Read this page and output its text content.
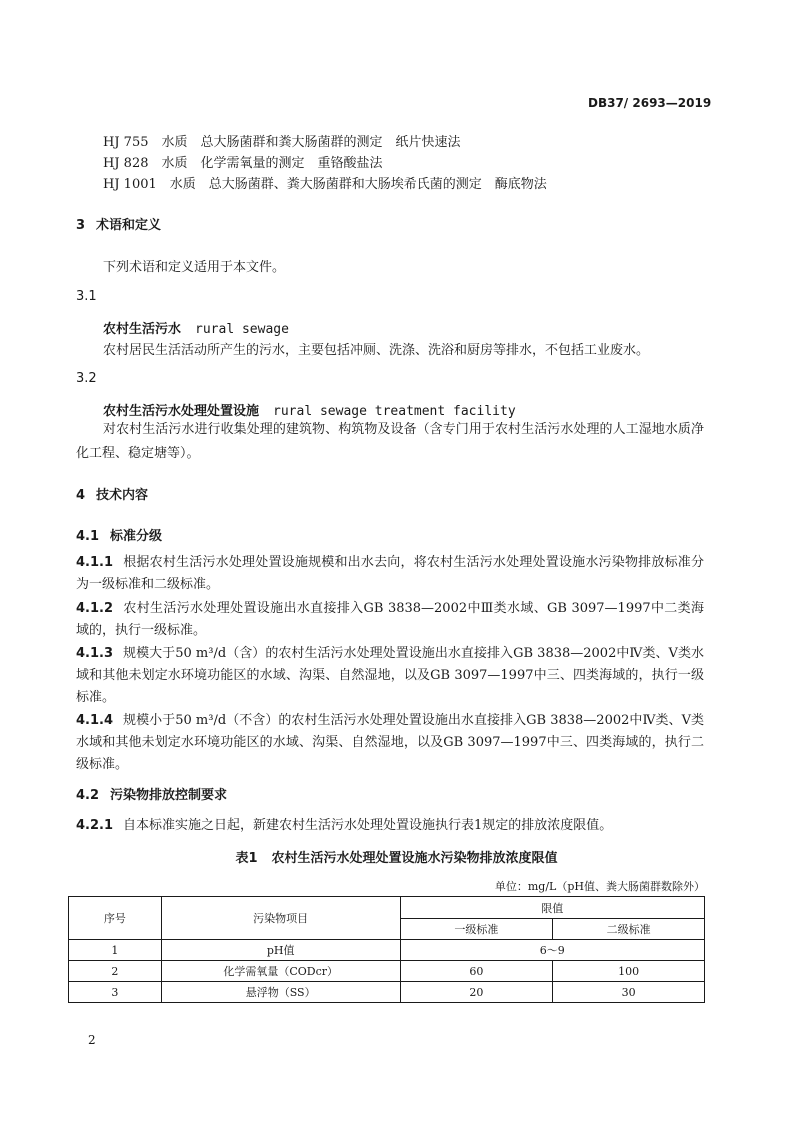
DB37/ 2693—2019
HJ 755　水质　总大肠菌群和粪大肠菌群的测定　纸片快速法
HJ 828　水质　化学需氧量的测定　重铬酸盐法
HJ 1001　水质　总大肠菌群、粪大肠菌群和大肠埃希氏菌的测定　酶底物法
3 术语和定义
下列术语和定义适用于本文件。
3.1
农村生活污水 rural sewage
农村居民生活活动所产生的污水，主要包括冲厕、洗涤、洗浴和厨房等排水，不包括工业废水。
3.2
农村生活污水处理处置设施 rural sewage treatment facility
对农村生活污水进行收集处理的建筑物、构筑物及设备（含专门用于农村生活污水处理的人工湿地水质净化工程、稳定塘等）。
4 技术内容
4.1 标准分级
4.1.1 根据农村生活污水处理处置设施规模和出水去向，将农村生活污水处理处置设施水污染物排放标准分为一级标准和二级标准。
4.1.2 农村生活污水处理处置设施出水直接排入GB 3838—2002中Ⅲ类水域、GB 3097—1997中二类海域的，执行一级标准。
4.1.3 规模大于50 m³/d（含）的农村生活污水处理处置设施出水直接排入GB 3838—2002中Ⅳ类、Ⅴ类水域和其他未划定水环境功能区的水域、沟渠、自然湿地，以及GB 3097—1997中三、四类海域的，执行一级标准。
4.1.4 规模小于50 m³/d（不含）的农村生活污水处理处置设施出水直接排入GB 3838—2002中Ⅳ类、Ⅴ类水域和其他未划定水环境功能区的水域、沟渠、自然湿地，以及GB 3097—1997中三、四类海域的，执行二级标准。
4.2 污染物排放控制要求
4.2.1 自本标准实施之日起，新建农村生活污水处理处置设施执行表1规定的排放浓度限值。
表1 农村生活污水处理处置设施水污染物排放浓度限值
单位：mg/L（pH值、粪大肠菌群数除外）
序号	污染物项目	限值	
		一级标准	二级标准
1	pH值	6～9	
2	化学需氧量（CODcr）	60	100
3	悬浮物（SS）	20	30
2
